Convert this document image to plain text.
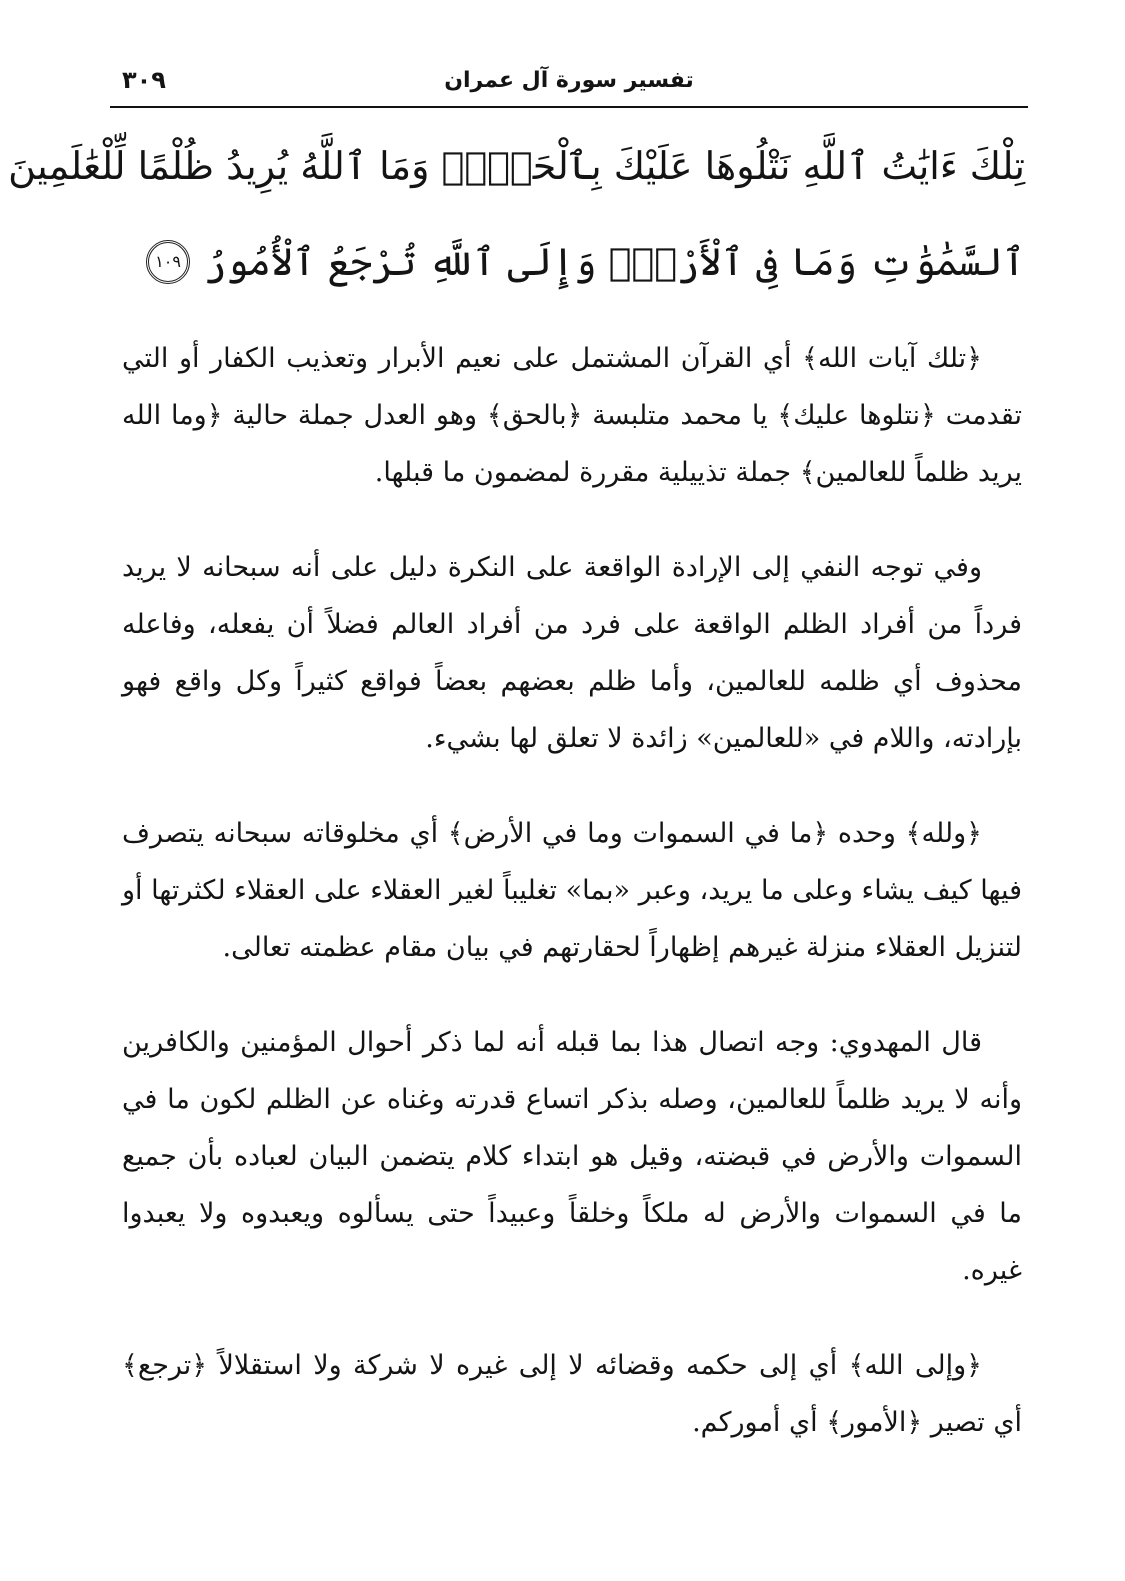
تفسير سورة آل عمران
٣٠٩
تِلْكَ ءَايَٰتُ ٱللَّهِ نَتْلُوهَا عَلَيْكَ بِٱلْحَقِّۗ وَمَا ٱللَّهُ يُرِيدُ ظُلْمًا لِّلْعَٰلَمِينَ
ٱلسَّمَٰوَٰتِ وَمَا فِى ٱلْأَرْضِۚ وَإِلَى ٱللَّهِ تُرْجَعُ ٱلْأُمُورُ
١٠٩

﴿تلك آيات الله﴾ أي القرآن المشتمل على نعيم الأبرار وتعذيب الكفار أو التي تقدمت ﴿نتلوها عليك﴾ يا محمد متلبسة ﴿بالحق﴾ وهو العدل جملة حالية ﴿وما الله يريد ظلماً للعالمين﴾ جملة تذييلية مقررة لمضمون ما قبلها.

وفي توجه النفي إلى الإرادة الواقعة على النكرة دليل على أنه سبحانه لا يريد فرداً من أفراد الظلم الواقعة على فرد من أفراد العالم فضلاً أن يفعله، وفاعله محذوف أي ظلمه للعالمين، وأما ظلم بعضهم بعضاً فواقع كثيراً وكل واقع فهو بإرادته، واللام في «للعالمين» زائدة لا تعلق لها بشيء.

﴿ولله﴾ وحده ﴿ما في السموات وما في الأرض﴾ أي مخلوقاته سبحانه يتصرف فيها كيف يشاء وعلى ما يريد، وعبر «بما» تغليباً لغير العقلاء على العقلاء لكثرتها أو لتنزيل العقلاء منزلة غيرهم إظهاراً لحقارتهم في بيان مقام عظمته تعالى.

قال المهدوي: وجه اتصال هذا بما قبله أنه لما ذكر أحوال المؤمنين والكافرين وأنه لا يريد ظلماً للعالمين، وصله بذكر اتساع قدرته وغناه عن الظلم لكون ما في السموات والأرض في قبضته، وقيل هو ابتداء كلام يتضمن البيان لعباده بأن جميع ما في السموات والأرض له ملكاً وخلقاً وعبيداً حتى يسألوه ويعبدوه ولا يعبدوا غيره.

﴿وإلى الله﴾ أي إلى حكمه وقضائه لا إلى غيره لا شركة ولا استقلالاً ﴿ترجع﴾ أي تصير ﴿الأمور﴾ أي أموركم.
